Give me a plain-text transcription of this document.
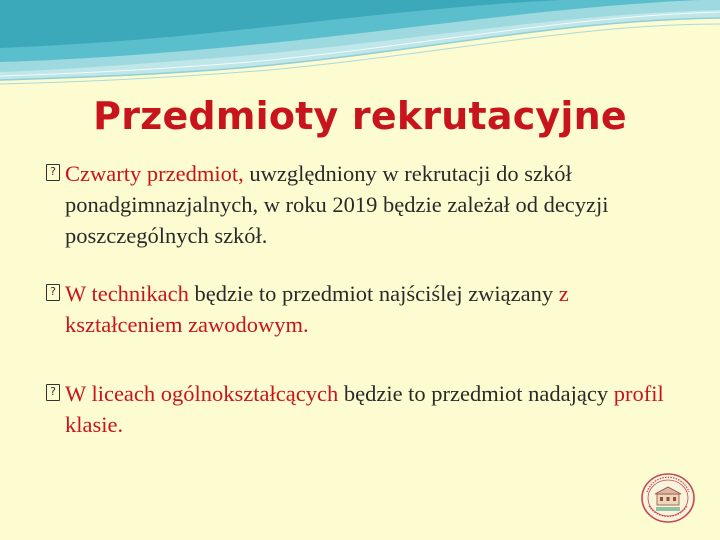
Przedmioty rekrutacyjne
? Czwarty przedmiot, uwzględniony w rekrutacji do szkół ponadgimnazjalnych, w roku 2019 będzie zależał od decyzji poszczególnych szkół.
? W technikach będzie to przedmiot najściślej związany z kształceniem zawodowym.
? W liceach ogólnokształcących będzie to przedmiot nadający profil klasie.
